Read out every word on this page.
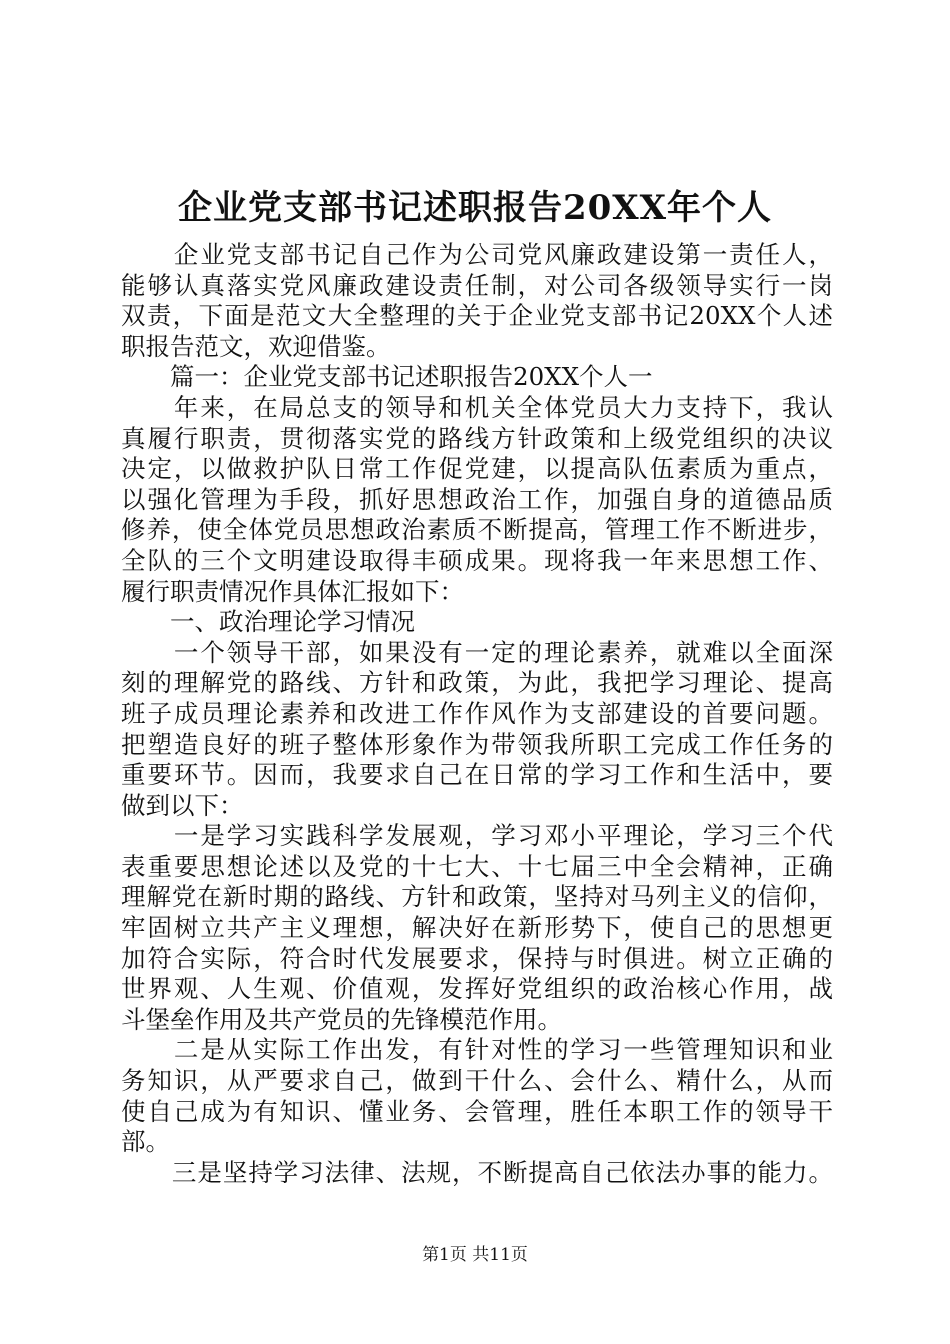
企业党支部书记述职报告20XX年个人
　　企业党支部书记自己作为公司党风廉政建设第一责任人，
能够认真落实党风廉政建设责任制，对公司各级领导实行一岗
双责，下面是范文大全整理的关于企业党支部书记20XX个人述
职报告范文，欢迎借鉴。
　　篇一：企业党支部书记述职报告20XX个人一
　　年来，在局总支的领导和机关全体党员大力支持下，我认
真履行职责，贯彻落实党的路线方针政策和上级党组织的决议
决定，以做救护队日常工作促党建，以提高队伍素质为重点，
以强化管理为手段，抓好思想政治工作，加强自身的道德品质
修养，使全体党员思想政治素质不断提高，管理工作不断进步，
全队的三个文明建设取得丰硕成果。现将我一年来思想工作、
履行职责情况作具体汇报如下：
　　一、政治理论学习情况
　　一个领导干部，如果没有一定的理论素养，就难以全面深
刻的理解党的路线、方针和政策，为此，我把学习理论、提高
班子成员理论素养和改进工作作风作为支部建设的首要问题。
把塑造良好的班子整体形象作为带领我所职工完成工作任务的
重要环节。因而，我要求自己在日常的学习工作和生活中，要
做到以下：
　　一是学习实践科学发展观，学习邓小平理论，学习三个代
表重要思想论述以及党的十七大、十七届三中全会精神，正确
理解党在新时期的路线、方针和政策，坚持对马列主义的信仰，
牢固树立共产主义理想，解决好在新形势下，使自己的思想更
加符合实际，符合时代发展要求，保持与时俱进。树立正确的
世界观、人生观、价值观，发挥好党组织的政治核心作用，战
斗堡垒作用及共产党员的先锋模范作用。
　　二是从实际工作出发，有针对性的学习一些管理知识和业
务知识，从严要求自己，做到干什么、会什么、精什么，从而
使自己成为有知识、懂业务、会管理，胜任本职工作的领导干
部。
　　三是坚持学习法律、法规，不断提高自己依法办事的能力。
第1页 共11页
